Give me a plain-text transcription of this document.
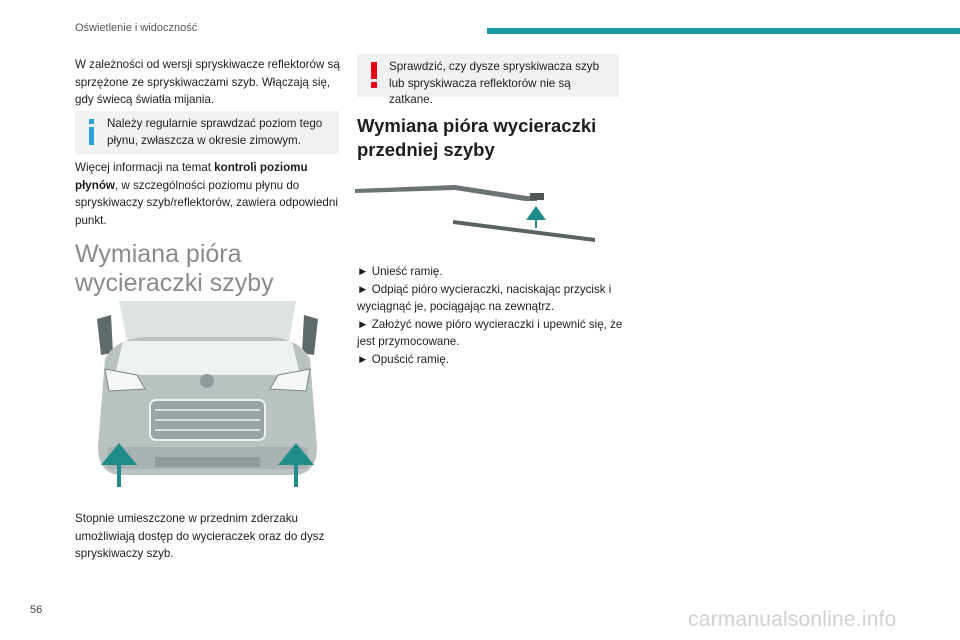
Oświetlenie i widoczność

W zależności od wersji spryskiwacze reflektorów są sprzężone ze spryskiwaczami szyb. Włączają się, gdy świecą światła mijania.

Należy regularnie sprawdzać poziom tego płynu, zwłaszcza w okresie zimowym.

Więcej informacji na temat kontroli poziomu płynów, w szczególności poziomu płynu do spryskiwaczy szyb/reflektorów, zawiera odpowiedni punkt.

Wymiana pióra wycieraczki szyby

Stopnie umieszczone w przednim zderzaku umożliwiają dostęp do wycieraczek oraz do dysz spryskiwaczy szyb.

Sprawdzić, czy dysze spryskiwacza szyb lub spryskiwacza reflektorów nie są zatkane.
Wymiana pióra wycieraczki przedniej szyby
► Unieść ramię.
► Odpiąć pióro wycieraczki, naciskając przycisk i wyciągnąć je, pociągając na zewnątrz.
► Założyć nowe pióro wycieraczki i upewnić się, że jest przymocowane.
► Opuścić ramię.
56	carmanualsonline.info
